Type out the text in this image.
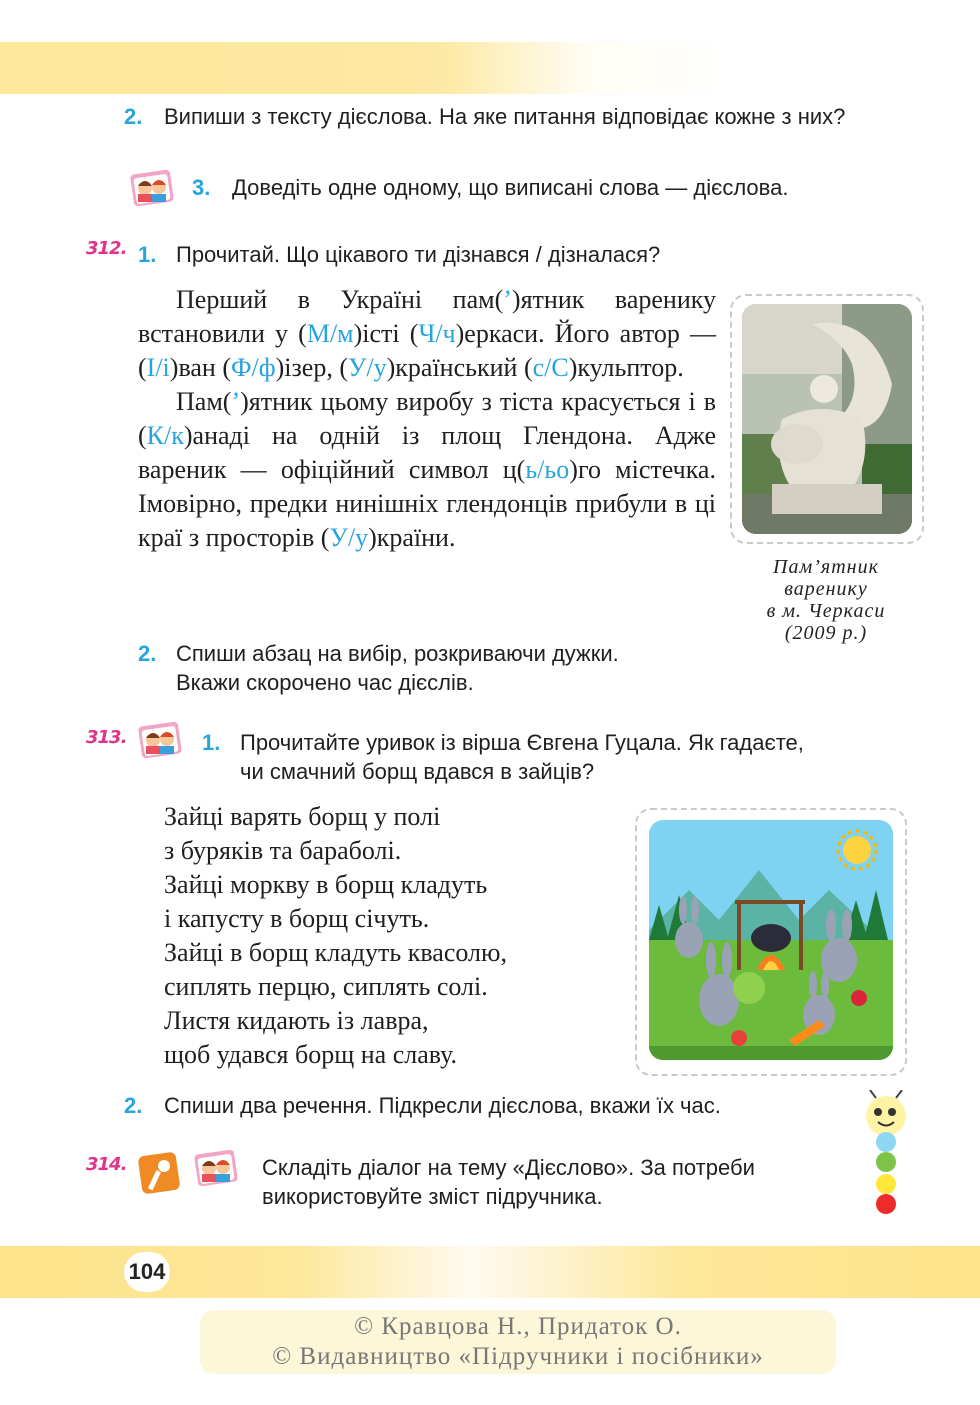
2. Випиши з тексту дієслова. На яке питання відповідає кожне з них?
3. Доведіть одне одному, що виписані слова — дієслова.
312. 1. Прочитай. Що цікавого ти дізнався / дізналася?

Перший в Україні пам(’)ятник варенику встановили у (М/м)істі (Ч/ч)еркаси. Його автор — (І/і)ван (Ф/ф)ізер, (У/у)країнський (с/С)кульптор.

Пам(’)ятник цьому виробу з тіста красується і в (К/к)анаді на одній із площ Глендона. Адже вареник — офіційний символ ц(ь/ьо)го містечка. Імовірно, предки нинішніх глендонців прибули в ці краї з просторів (У/у)країни.

Пам’ятник
варенику
в м. Черкаси
(2009 р.)
2. Спиши абзац на вибір, розкриваючи дужки.
Вкажи скорочено час дієслів.
313.	1. Прочитайте уривок із вірша Євгена Гуцала. Як гадаєте,
чи смачний борщ вдався в зайців?
Зайці варять борщ у полі
з буряків та бараболі.
Зайці моркву в борщ кладуть
і капусту в борщ січуть.
Зайці в борщ кладуть квасолю,
сиплять перцю, сиплять солі.
Листя кидають із лавра,
щоб удався борщ на славу.
2. Спиши два речення. Підкресли дієслова, вкажи їх час.
314.	Складіть діалог на тему «Дієслово». За потреби
використовуйте зміст підручника.
104
© Кравцова Н., Придаток О.
© Видавництво «Підручники і посібники»
